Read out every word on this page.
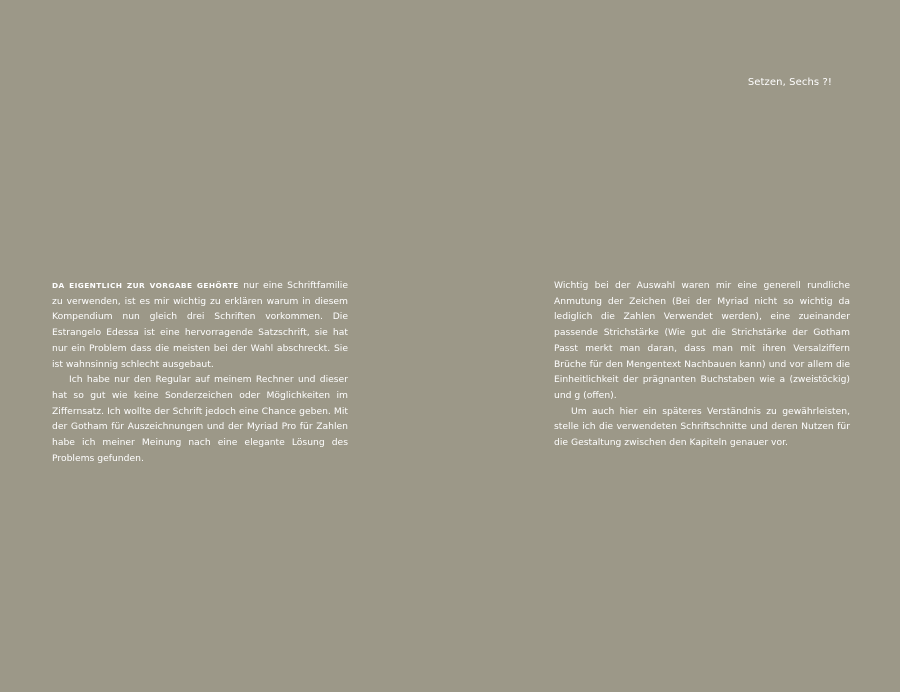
Setzen, Sechs ?!

DA EIGENTLICH ZUR VORGABE GEHÖRTE nur eine Schriftfamilie zu verwenden, ist es mir wichtig zu erklären warum in diesem Kompendium nun gleich drei Schriften vorkommen. Die Estrangelo Edessa ist eine hervorragende Satzschrift, sie hat nur ein Problem dass die meisten bei der Wahl abschreckt. Sie ist wahnsinnig schlecht ausgebaut.

Ich habe nur den Regular auf meinem Rechner und dieser hat so gut wie keine Sonderzeichen oder Möglichkeiten im Ziffernsatz. Ich wollte der Schrift jedoch eine Chance geben. Mit der Gotham für Auszeichnungen und der Myriad Pro für Zahlen habe ich meiner Meinung nach eine elegante Lösung des Problems gefunden.

Wichtig bei der Auswahl waren mir eine generell rundliche Anmutung der Zeichen (Bei der Myriad nicht so wichtig da lediglich die Zahlen Verwendet werden), eine zueinander passende Strichstärke (Wie gut die Strichstärke der Gotham Passt merkt man daran, dass man mit ihren Versalziffern Brüche für den Mengentext Nachbauen kann) und vor allem die Einheitlichkeit der prägnanten Buchstaben wie a (zweistöckig) und g (offen).

Um auch hier ein späteres Verständnis zu gewährleisten, stelle ich die verwendeten Schriftschnitte und deren Nutzen für die Gestaltung zwischen den Kapiteln genauer vor.
